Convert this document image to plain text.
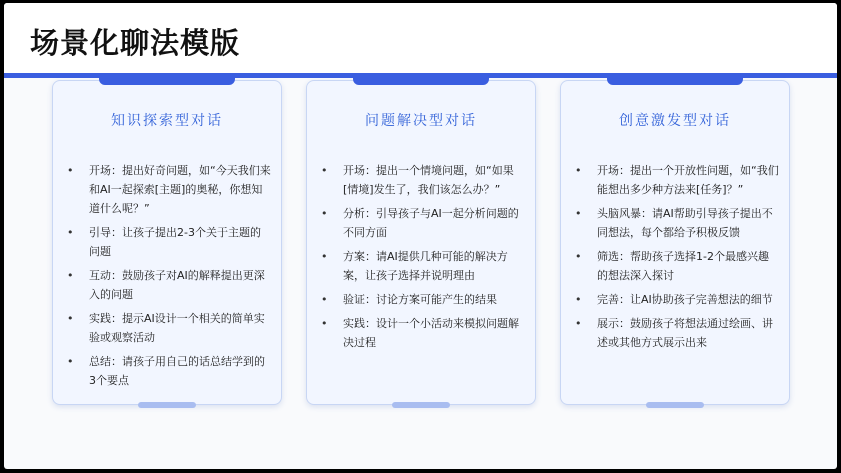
场景化聊法模版
知识探索型对话
• 开场：提出好奇问题，如“今天我们来和AI一起探索[主题]的奥秘，你想知道什么呢？”
• 引导：让孩子提出2-3个关于主题的问题
• 互动：鼓励孩子对AI的解释提出更深入的问题
• 实践：提示AI设计一个相关的简单实验或观察活动
• 总结：请孩子用自己的话总结学到的3个要点
问题解决型对话
• 开场：提出一个情境问题，如“如果[情境]发生了，我们该怎么办？”
• 分析：引导孩子与AI一起分析问题的不同方面
• 方案：请AI提供几种可能的解决方案，让孩子选择并说明理由
• 验证：讨论方案可能产生的结果
• 实践：设计一个小活动来模拟问题解决过程
创意激发型对话
• 开场：提出一个开放性问题，如“我们能想出多少种方法来[任务]？”
• 头脑风暴：请AI帮助引导孩子提出不同想法，每个都给予积极反馈
• 筛选：帮助孩子选择1-2个最感兴趣的想法深入探讨
• 完善：让AI协助孩子完善想法的细节
• 展示：鼓励孩子将想法通过绘画、讲述或其他方式展示出来
